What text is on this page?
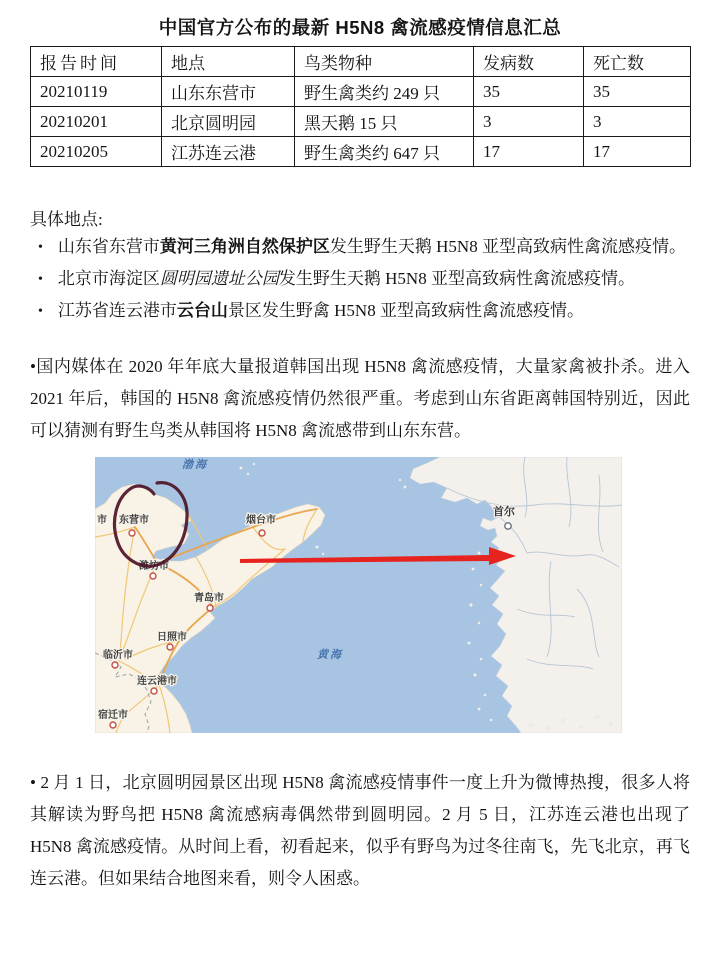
中国官方公布的最新 H5N8 禽流感疫情信息汇总
报告时间	地点	鸟类物种	发病数	死亡数
20210119	山东东营市	野生禽类约 249 只	35	35
20210201	北京圆明园	黑天鹅 15 只	3	3
20210205	江苏连云港	野生禽类约 647 只	17	17
具体地点:
• 山东省东营市黄河三角洲自然保护区发生野生天鹅 H5N8 亚型高致病性禽流感疫情。
• 北京市海淀区圆明园遗址公园发生野生天鹅 H5N8 亚型高致病性禽流感疫情。
• 江苏省连云港市云台山景区发生野禽 H5N8 亚型高致病性禽流感疫情。

•国内媒体在 2020 年年底大量报道韩国出现 H5N8 禽流感疫情，大量家禽被扑杀。进入 2021 年后，韩国的 H5N8 禽流感疫情仍然很严重。考虑到山东省距离韩国特别近，因此可以猜测有野生鸟类从韩国将 H5N8 禽流感带到山东东营。

渤海
黄海
市 东营市	烟台市
潍坊市
青岛市
日照市
临沂市
连云港市
宿迁市
首尔

• 2 月 1 日，北京圆明园景区出现 H5N8 禽流感疫情事件一度上升为微博热搜，很多人将其解读为野鸟把 H5N8 禽流感病毒偶然带到圆明园。2 月 5 日，江苏连云港也出现了 H5N8 禽流感疫情。从时间上看，初看起来，似乎有野鸟为过冬往南飞，先飞北京，再飞连云港。但如果结合地图来看，则令人困惑。
